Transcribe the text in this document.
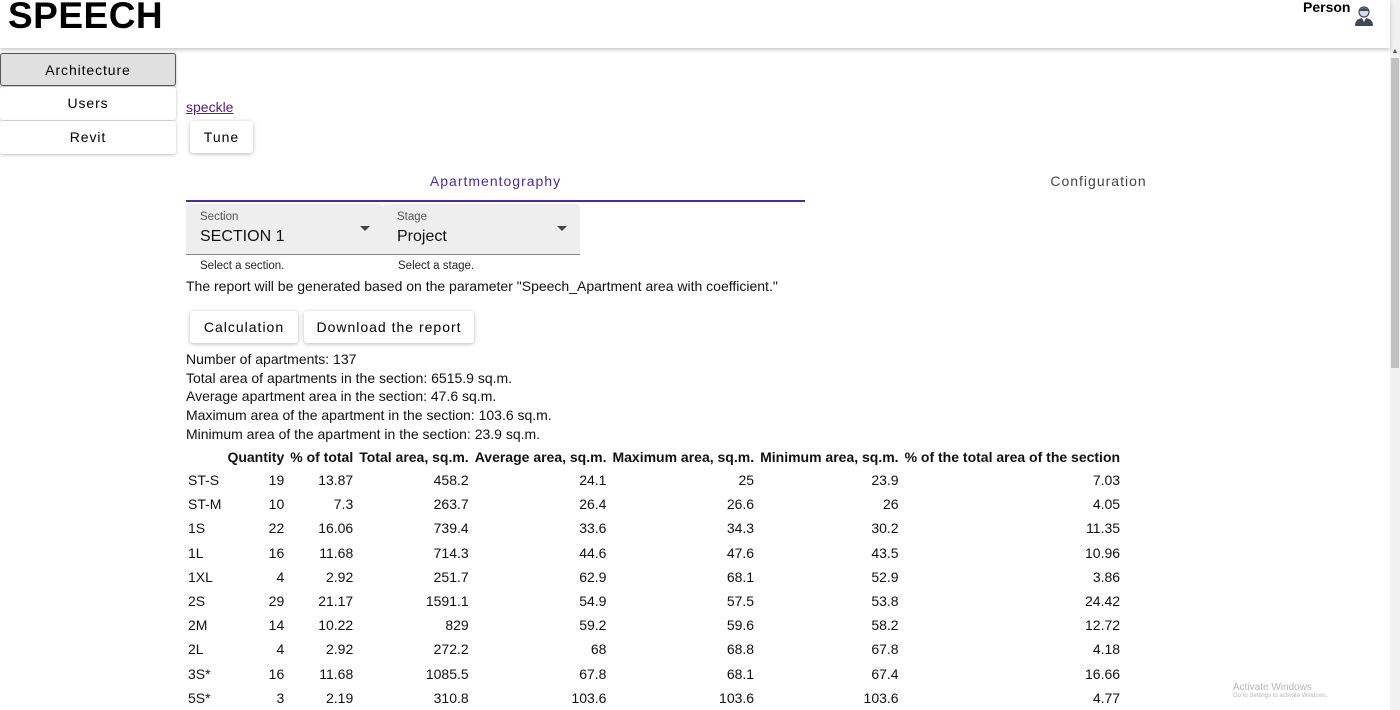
SPEECH	Person
▲
Architecture
Users
Revit
speckle
Tune
Apartmentography	Configuration
Section
SECTION 1
Select a section.
Stage
Project
Select a stage.
The report will be generated based on the parameter "Speech_Apartment area with coefficient."
Calculation	Download the report
Number of apartments: 137
Total area of apartments in the section: 6515.9 sq.m.
Average apartment area in the section: 47.6 sq.m.
Maximum area of the apartment in the section: 103.6 sq.m.
Minimum area of the apartment in the section: 23.9 sq.m.
	Quantity	% of total	Total area, sq.m.	Average area, sq.m.	Maximum area, sq.m.	Minimum area, sq.m.	% of the total area of the section
ST-S	19	13.87	458.2	24.1	25	23.9	7.03
ST-M	10	7.3	263.7	26.4	26.6	26	4.05
1S	22	16.06	739.4	33.6	34.3	30.2	11.35
1L	16	11.68	714.3	44.6	47.6	43.5	10.96
1XL	4	2.92	251.7	62.9	68.1	52.9	3.86
2S	29	21.17	1591.1	54.9	57.5	53.8	24.42
2M	14	10.22	829	59.2	59.6	58.2	12.72
2L	4	2.92	272.2	68	68.8	67.8	4.18
3S*	16	11.68	1085.5	67.8	68.1	67.4	16.66
5S*	3	2.19	310.8	103.6	103.6	103.6	4.77
Activate Windows
Go to Settings to activate Windows.
